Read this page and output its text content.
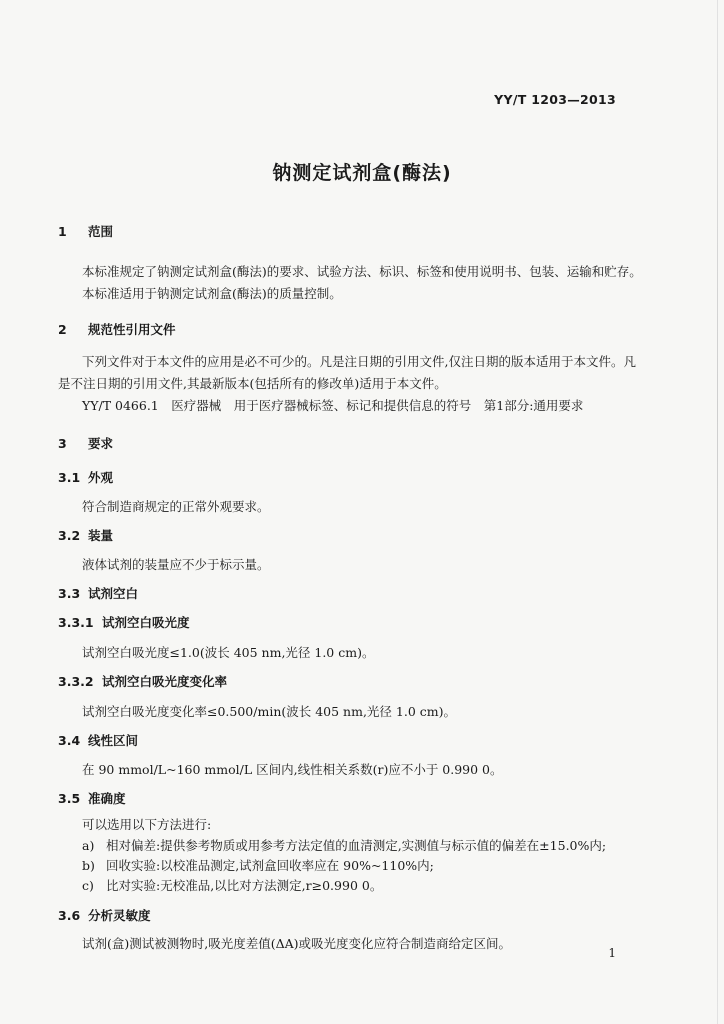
YY/T 1203—2013
钠测定试剂盒(酶法)
1 范围
本标准规定了钠测定试剂盒(酶法)的要求、试验方法、标识、标签和使用说明书、包装、运输和贮存。
本标准适用于钠测定试剂盒(酶法)的质量控制。
2 规范性引用文件
下列文件对于本文件的应用是必不可少的。凡是注日期的引用文件,仅注日期的版本适用于本文件。凡是不注日期的引用文件,其最新版本(包括所有的修改单)适用于本文件。
YY/T 0466.1　医疗器械　用于医疗器械标签、标记和提供信息的符号　第1部分:通用要求
3 要求
3.1 外观
符合制造商规定的正常外观要求。
3.2 装量
液体试剂的装量应不少于标示量。
3.3 试剂空白
3.3.1 试剂空白吸光度
试剂空白吸光度≤1.0(波长 405 nm,光径 1.0 cm)。
3.3.2 试剂空白吸光度变化率
试剂空白吸光度变化率≤0.500/min(波长 405 nm,光径 1.0 cm)。
3.4 线性区间
在 90 mmol/L~160 mmol/L 区间内,线性相关系数(r)应不小于 0.990 0。
3.5 准确度
可以选用以下方法进行:
a) 相对偏差:提供参考物质或用参考方法定值的血清测定,实测值与标示值的偏差在±15.0%内;
b) 回收实验:以校准品测定,试剂盒回收率应在 90%~110%内;
c) 比对实验:无校准品,以比对方法测定,r≥0.990 0。
3.6 分析灵敏度
试剂(盒)测试被测物时,吸光度差值(ΔA)或吸光度变化应符合制造商给定区间。
1
